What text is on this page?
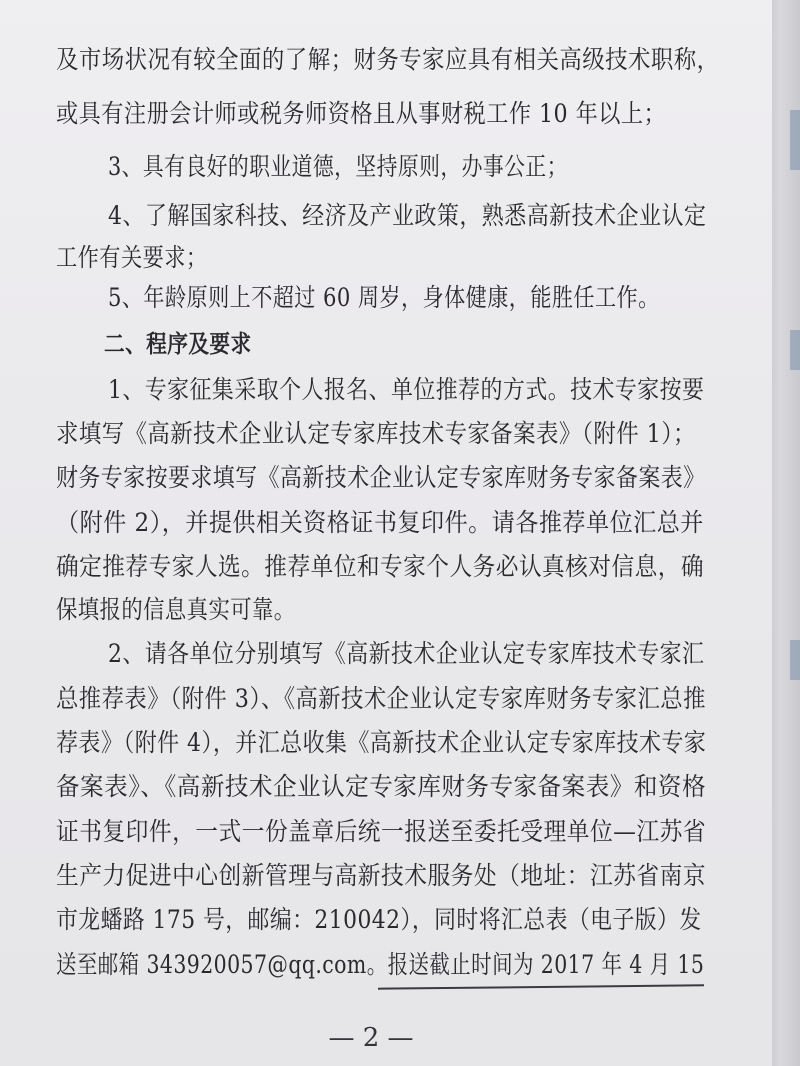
及市场状况有较全面的了解；财务专家应具有相关高级技术职称，
或具有注册会计师或税务师资格且从事财税工作 10 年以上；
3、具有良好的职业道德，坚持原则，办事公正；
4、了解国家科技、经济及产业政策，熟悉高新技术企业认定
工作有关要求；
5、年龄原则上不超过 60 周岁，身体健康，能胜任工作。
二、程序及要求
1、专家征集采取个人报名、单位推荐的方式。技术专家按要
求填写《高新技术企业认定专家库技术专家备案表》（附件 1）；
财务专家按要求填写《高新技术企业认定专家库财务专家备案表》
（附件 2），并提供相关资格证书复印件。请各推荐单位汇总并
确定推荐专家人选。推荐单位和专家个人务必认真核对信息，确
保填报的信息真实可靠。
2、请各单位分别填写《高新技术企业认定专家库技术专家汇
总推荐表》（附件 3）、《高新技术企业认定专家库财务专家汇总推
荐表》（附件 4），并汇总收集《高新技术企业认定专家库技术专家
备案表》、《高新技术企业认定专家库财务专家备案表》和资格
证书复印件，一式一份盖章后统一报送至委托受理单位—江苏省
生产力促进中心创新管理与高新技术服务处（地址：江苏省南京
市龙蟠路 175 号，邮编：210042），同时将汇总表（电子版）发
送至邮箱 343920057@qq.com。报送截止时间为 2017 年 4 月 15
— 2 —
